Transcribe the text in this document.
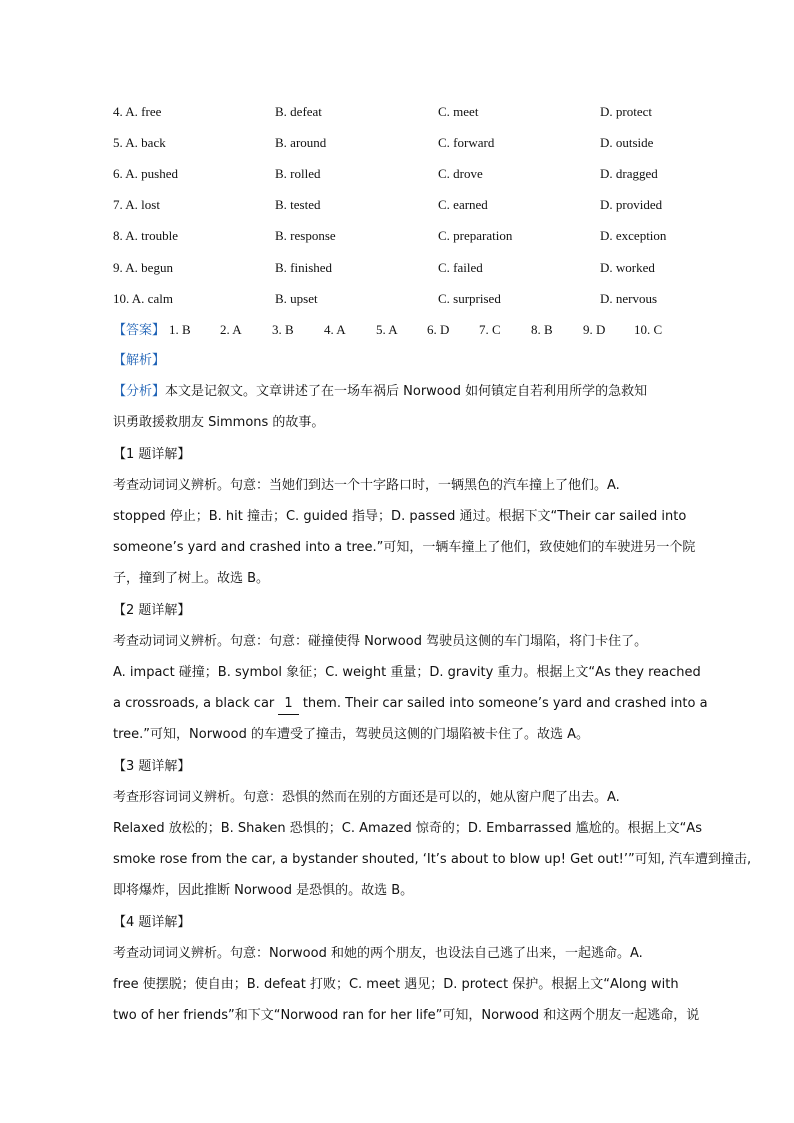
4. A. free	B. defeat	C. meet	D. protect
5. A. back	B. around	C. forward	D. outside
6. A. pushed	B. rolled	C. drove	D. dragged
7. A. lost	B. tested	C. earned	D. provided
8. A. trouble	B. response	C. preparation	D. exception
9. A. begun	B. finished	C. failed	D. worked
10. A. calm	B. upset	C. surprised	D. nervous
【答案】 1. B 2. A 3. B 4. A 5. A 6. D 7. C 8. B 9. D 10. C
【解析】
【分析】本文是记叙文。文章讲述了在一场车祸后 Norwood 如何镇定自若利用所学的急救知
识勇敢援救朋友 Simmons 的故事。
【1 题详解】
考查动词词义辨析。句意：当她们到达一个十字路口时，一辆黑色的汽车撞上了他们。A.
stopped 停止；B. hit 撞击；C. guided 指导；D. passed 通过。根据下文“Their car sailed into
someone’s yard and crashed into a tree.”可知，一辆车撞上了他们，致使她们的车驶进另一个院
子，撞到了树上。故选 B。
【2 题详解】
考查动词词义辨析。句意：句意：碰撞使得 Norwood 驾驶员这侧的车门塌陷，将门卡住了。
A. impact 碰撞；B. symbol 象征；C. weight 重量；D. gravity 重力。根据上文“As they reached
a crossroads, a black car 1 them. Their car sailed into someone’s yard and crashed into a
tree.”可知，Norwood 的车遭受了撞击，驾驶员这侧的门塌陷被卡住了。故选 A。
【3 题详解】
考查形容词词义辨析。句意：恐惧的然而在别的方面还是可以的，她从窗户爬了出去。A.
Relaxed 放松的；B. Shaken 恐惧的；C. Amazed 惊奇的；D. Embarrassed 尴尬的。根据上文“As
smoke rose from the car, a bystander shouted, ‘It’s about to blow up! Get out!’”可知, 汽车遭到撞击,
即将爆炸，因此推断 Norwood 是恐惧的。故选 B。
【4 题详解】
考查动词词义辨析。句意：Norwood 和她的两个朋友，也设法自己逃了出来，一起逃命。A.
free 使摆脱；使自由；B. defeat 打败；C. meet 遇见；D. protect 保护。根据上文“Along with
two of her friends”和下文“Norwood ran for her life”可知，Norwood 和这两个朋友一起逃命，说
